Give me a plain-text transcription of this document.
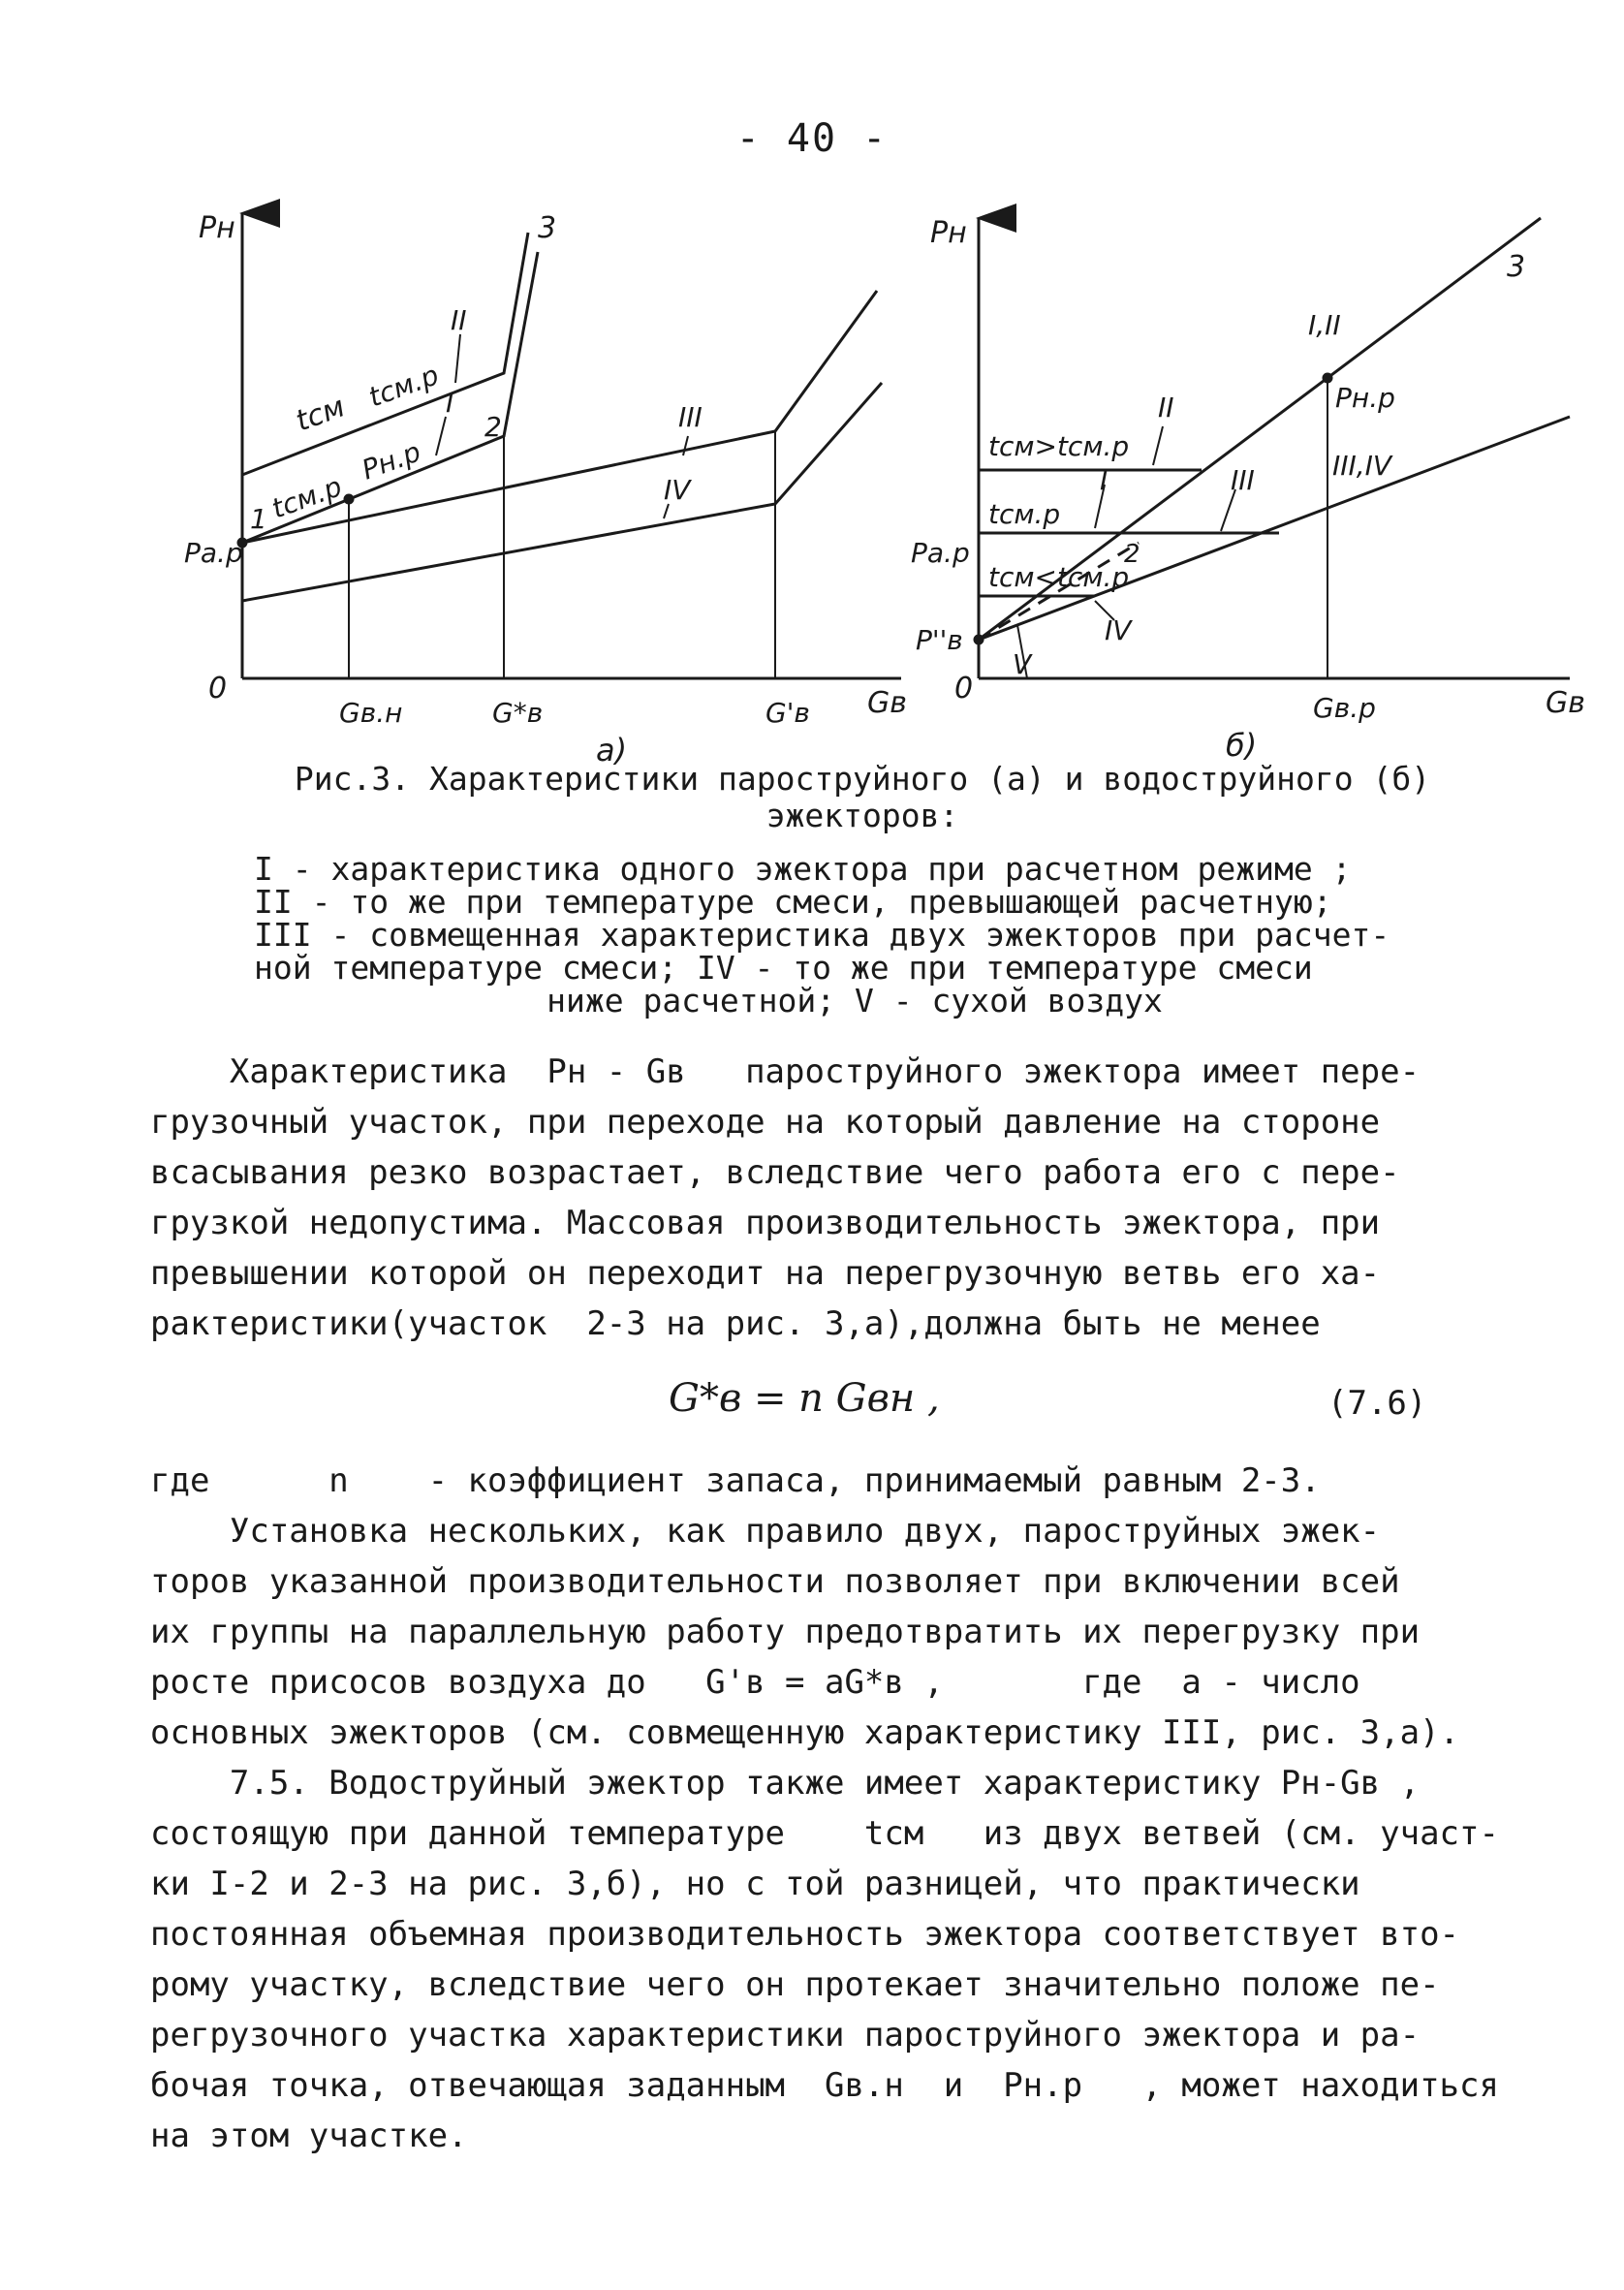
- 40 -
Pн
Gв
0
Pa.p
Gв.н	G*в	G'в
II
I	III
IV
3
1
2
tсм
tсм.р
tсм.р
Pн.р
а)
Pн
Gв
0
Pa.p
P''в
Gв.р
I,II
Pн.р
III,IV
II
I	III
IV
V
3
2
tсм>tсм.р
tсм.р
tсм<tсм.р
б)

Рис.3. Характеристики пароструйного (а) и водоструйного (б)

эжекторов:

I - характеристика одного эжектора при расчетном режиме ;

II - то же при температуре смеси, превышающей расчетную;

III - совмещенная характеристика двух эжекторов при расчет-

ной температуре смеси; IV - то же при температуре смеси

ниже расчетной; V - сухой воздух

Характеристика  Pн - Gв   пароструйного эжектора имеет пере-

грузочный участок, при переходе на который давление на стороне

всасывания резко возрастает, вследствие чего работа его с пере-

грузкой недопустима. Массовая производительность эжектора, при

превышении которой он переходит на перегрузочную ветвь его ха-

рактеристики(участок  2-3 на рис. 3,а),должна быть не менее

G*в = n Gвн ,	(7.6)

где      n    - коэффициент запаса, принимаемый равным 2-3.

Установка нескольких, как правило двух, пароструйных эжек-

торов указанной производительности позволяет при включении всей

их группы на параллельную работу предотвратить их перегрузку при

росте присосов воздуха до   G'в = aG*в ,       где  a - число

основных эжекторов (см. совмещенную характеристику III, рис. 3,а).

7.5. Водоструйный эжектор также имеет характеристику Pн-Gв ,

состоящую при данной температуре    tсм   из двух ветвей (см. участ-

ки I-2 и 2-3 на рис. 3,б), но с той разницей, что практически

постоянная объемная производительность эжектора соответствует вто-

рому участку, вследствие чего он протекает значительно положе пе-

регрузочного участка характеристики пароструйного эжектора и ра-

бочая точка, отвечающая заданным  Gв.н  и  Pн.р   , может находиться

на этом участке.
